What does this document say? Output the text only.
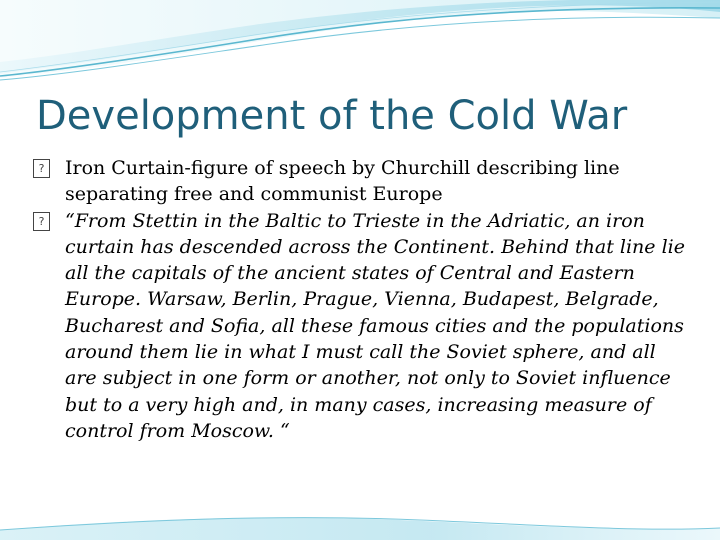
Development of the Cold War
? Iron Curtain-figure of speech by Churchill describing line separating free and communist Europe
? “From Stettin in the Baltic to Trieste in the Adriatic, an iron curtain has descended across the Continent. Behind that line lie all the capitals of the ancient states of Central and Eastern Europe. Warsaw, Berlin, Prague, Vienna, Budapest, Belgrade, Bucharest and Sofia, all these famous cities and the populations around them lie in what I must call the Soviet sphere, and all are subject in one form or another, not only to Soviet influence but to a very high and, in many cases, increasing measure of control from Moscow. “
